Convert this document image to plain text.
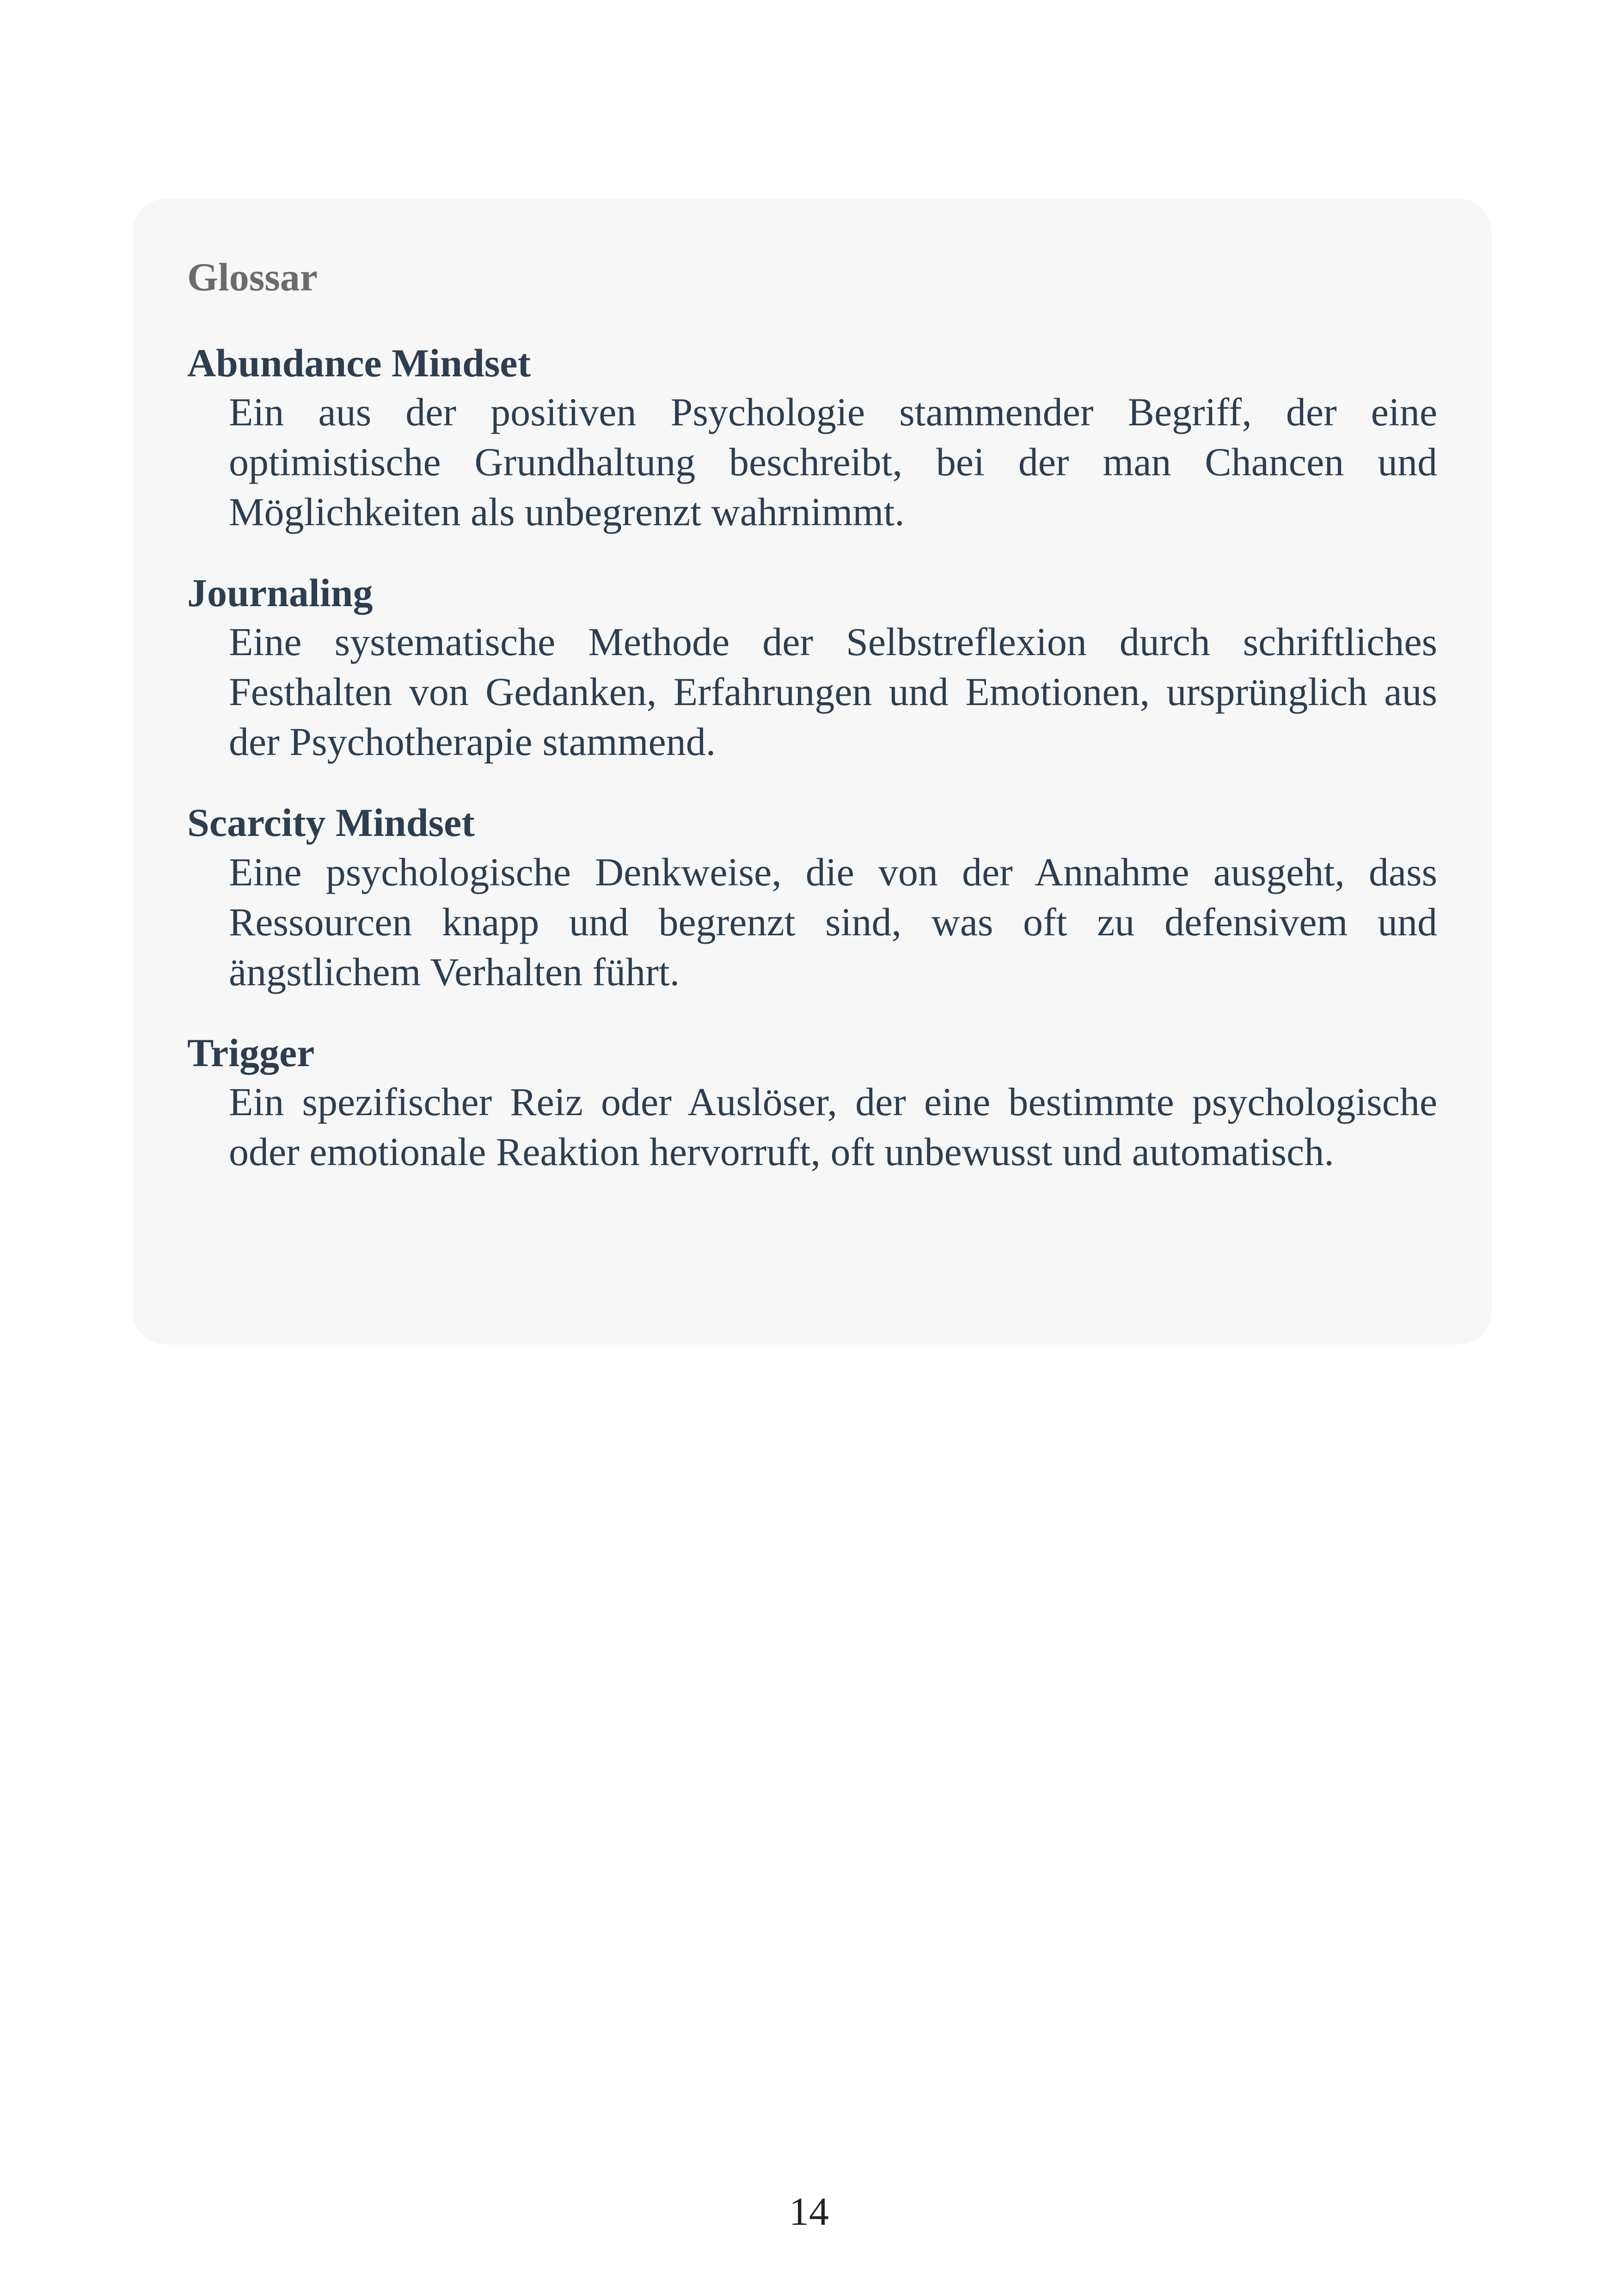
Glossar
Abundance Mindset
Ein aus der positiven Psychologie stammender Begriff, der eine optimistische Grundhaltung beschreibt, bei der man Chancen und Möglichkeiten als unbegrenzt wahrnimmt.
Journaling
Eine systematische Methode der Selbstreflexion durch schriftliches Festhalten von Gedanken, Erfahrungen und Emotionen, ursprünglich aus der Psychotherapie stammend.
Scarcity Mindset
Eine psychologische Denkweise, die von der Annahme ausgeht, dass Ressourcen knapp und begrenzt sind, was oft zu defensivem und ängstlichem Verhalten führt.
Trigger
Ein spezifischer Reiz oder Auslöser, der eine bestimmte psychologische oder emotionale Reaktion hervorruft, oft unbewusst und automatisch.
14
